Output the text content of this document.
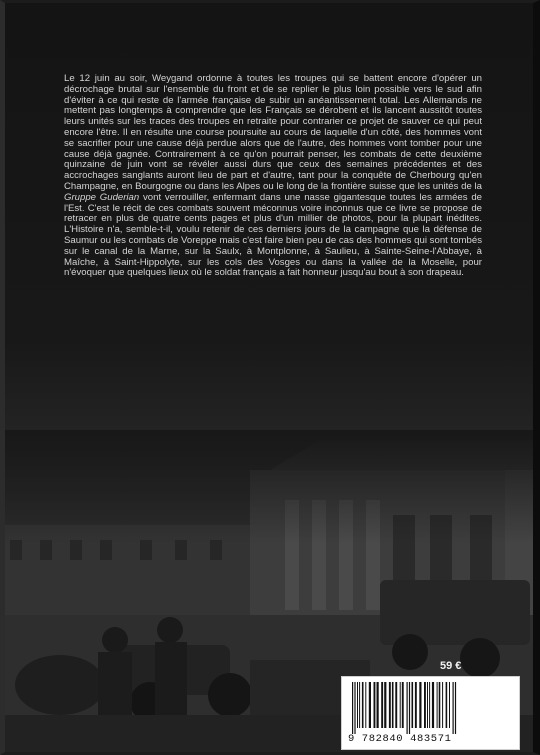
Le 12 juin au soir, Weygand ordonne à toutes les troupes qui se battent encore d'opérer un décrochage brutal sur l'ensemble du front et de se replier le plus loin possible vers le sud afin d'éviter à ce qui reste de l'armée française de subir un anéantissement total. Les Allemands ne mettent pas longtemps à comprendre que les Français se dérobent et ils lancent aussitôt toutes leurs unités sur les traces des troupes en retraite pour contrarier ce projet de sauver ce qui peut encore l'être. Il en résulte une course poursuite au cours de laquelle d'un côté, des hommes vont se sacrifier pour une cause déjà perdue alors que de l'autre, des hommes vont tomber pour une cause déjà gagnée. Contrairement à ce qu'on pourrait penser, les combats de cette deuxième quinzaine de juin vont se révéler aussi durs que ceux des semaines précédentes et des accrochages sanglants auront lieu de part et d'autre, tant pour la conquête de Cherbourg qu'en Champagne, en Bourgogne ou dans les Alpes ou le long de la frontière suisse que les unités de la Gruppe Guderian vont verrouiller, enfermant dans une nasse gigantesque toutes les armées de l'Est. C'est le récit de ces combats souvent méconnus voire inconnus que ce livre se propose de retracer en plus de quatre cents pages et plus d'un millier de photos, pour la plupart inédites. L'Histoire n'a, semble-t-il, voulu retenir de ces derniers jours de la campagne que la défense de Saumur ou les combats de Voreppe mais c'est faire bien peu de cas des hommes qui sont tombés sur le canal de la Marne, sur la Saulx, à Montplonne, à Saulieu, à Sainte-Seine-l'Abbaye, à Maîche, à Saint-Hippolyte, sur les cols des Vosges ou dans la vallée de la Moselle, pour n'évoquer que quelques lieux où le soldat français a fait honneur jusqu'au bout à son drapeau.

59 €
9 782840 483571
